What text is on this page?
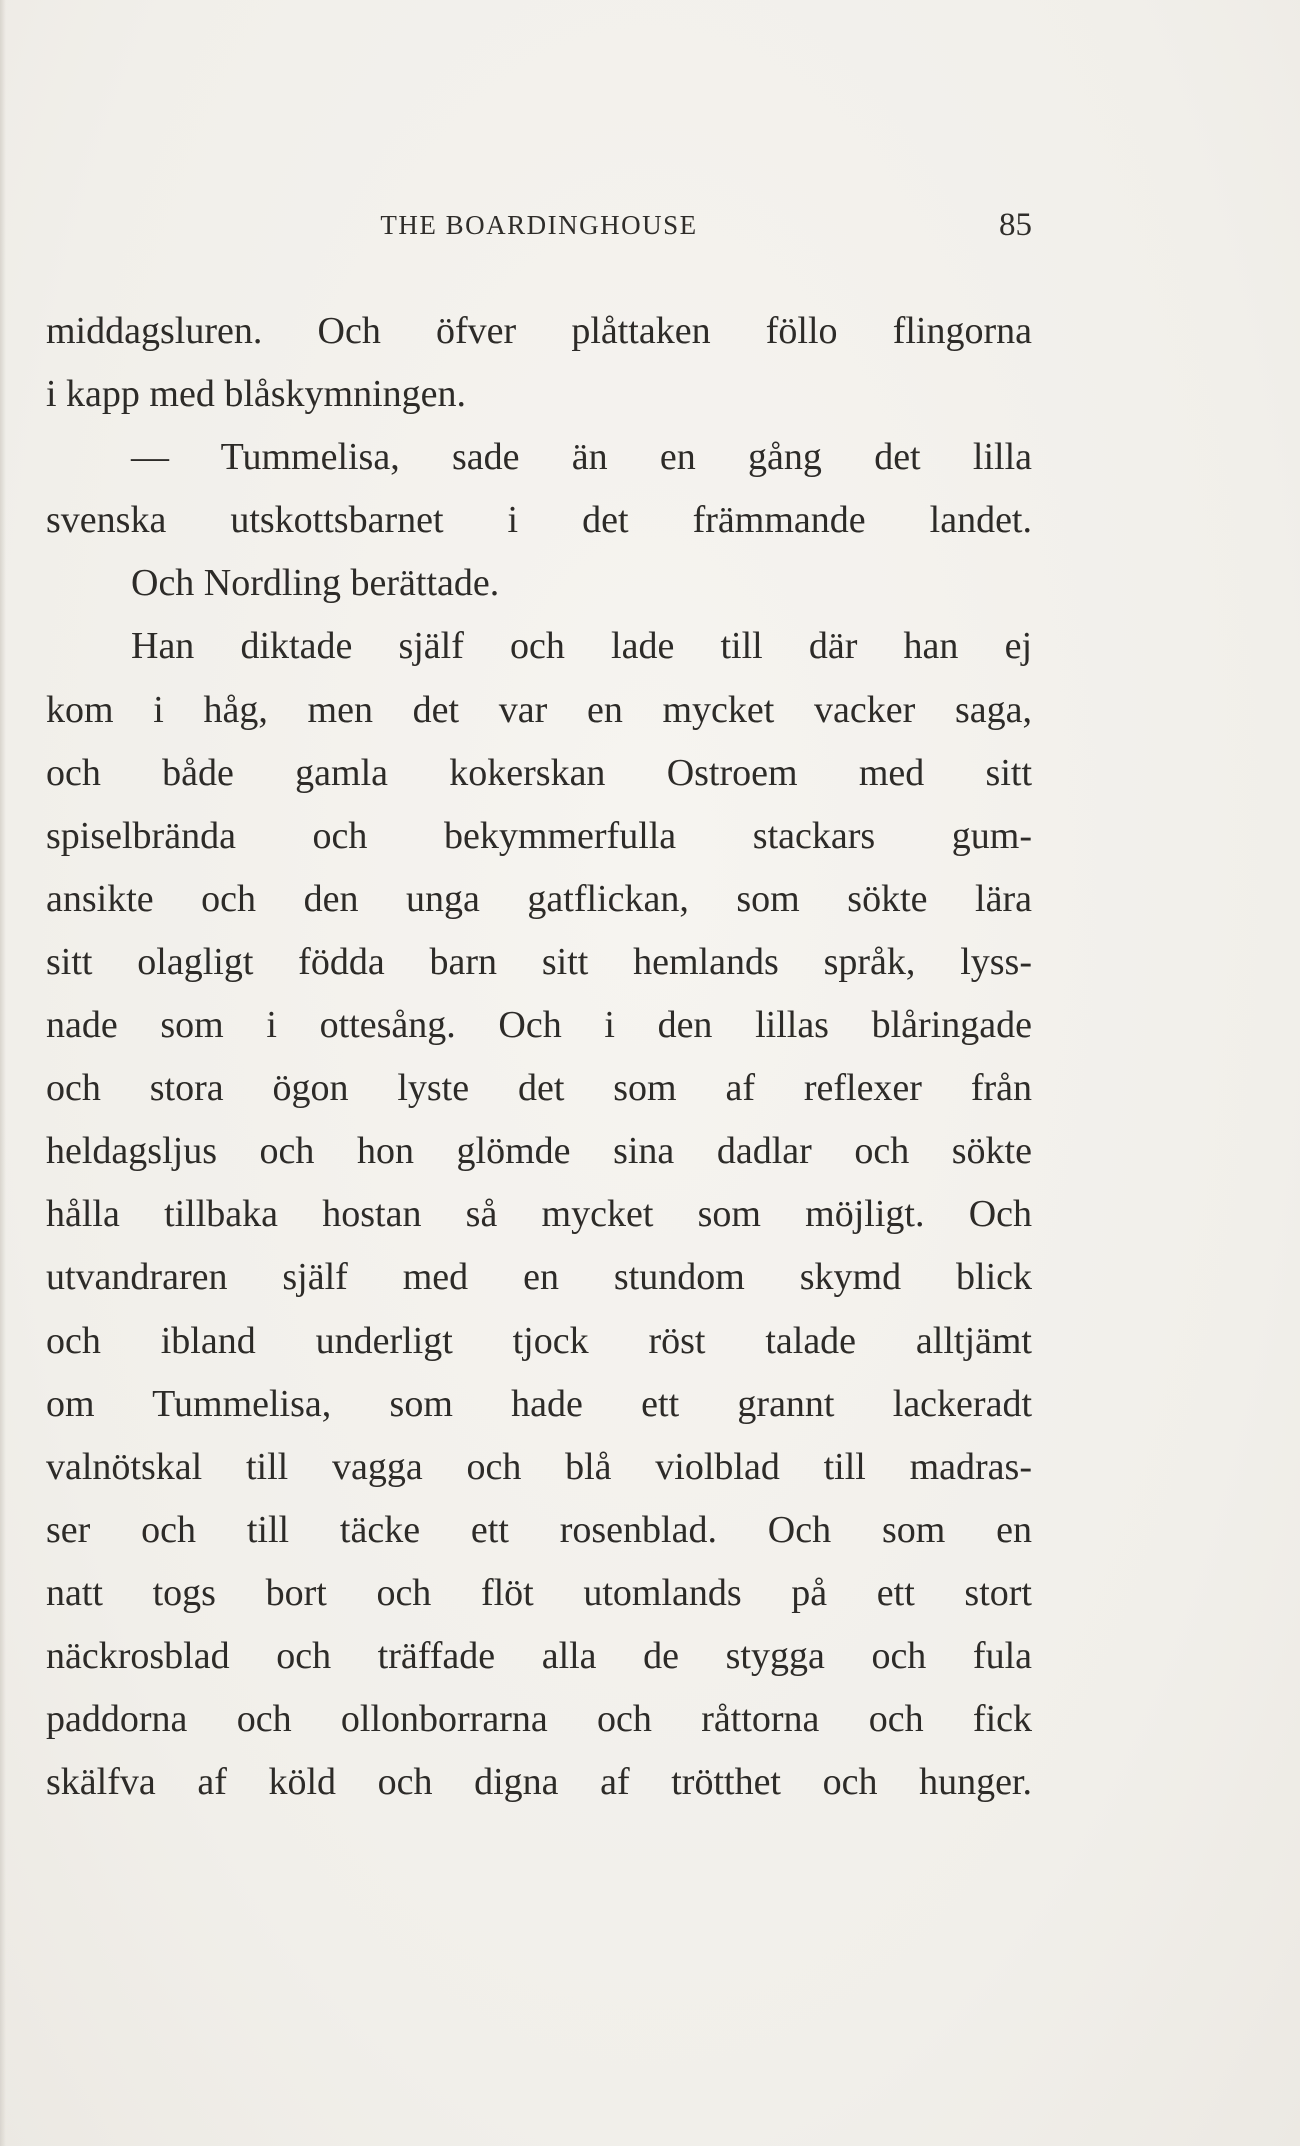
THE BOARDINGHOUSE	85
middagsluren. Och öfver plåttaken föllo flingorna
i kapp med blåskymningen.
— Tummelisa, sade än en gång det lilla
svenska utskottsbarnet i det främmande landet.
Och Nordling berättade.
Han diktade själf och lade till där han ej
kom i håg, men det var en mycket vacker saga,
och både gamla kokerskan Ostroem med sitt
spiselbrända och bekymmerfulla stackars gum-
ansikte och den unga gatflickan, som sökte lära
sitt olagligt födda barn sitt hemlands språk, lyss-
nade som i ottesång. Och i den lillas blåringade
och stora ögon lyste det som af reflexer från
heldagsljus och hon glömde sina dadlar och sökte
hålla tillbaka hostan så mycket som möjligt. Och
utvandraren själf med en stundom skymd blick
och ibland underligt tjock röst talade alltjämt
om Tummelisa, som hade ett grannt lackeradt
valnötskal till vagga och blå violblad till madras-
ser och till täcke ett rosenblad. Och som en
natt togs bort och flöt utomlands på ett stort
näckrosblad och träffade alla de stygga och fula
paddorna och ollonborrarna och råttorna och fick
skälfva af köld och digna af trötthet och hunger.
